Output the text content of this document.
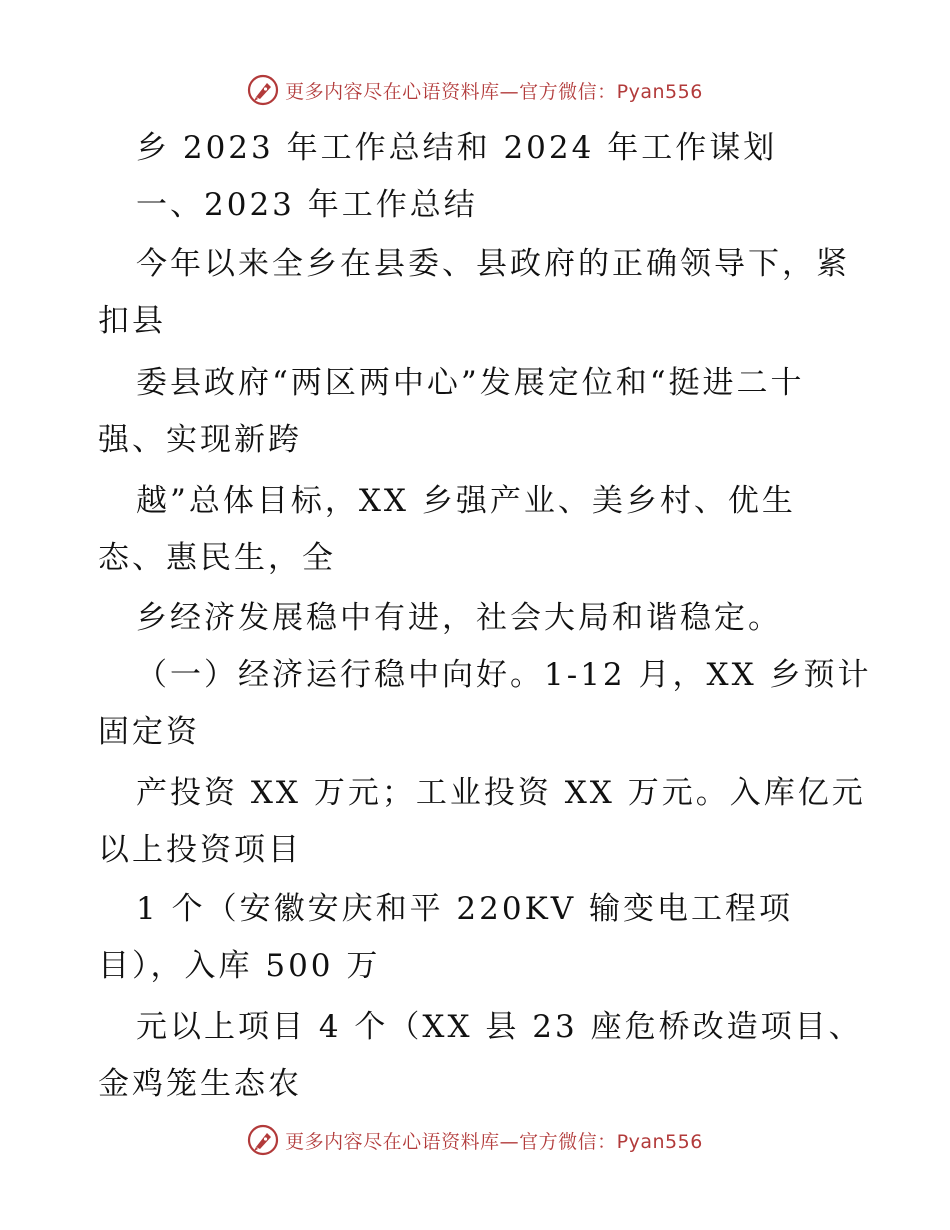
更多内容尽在心语资料库—官方微信：Pyan556
乡 2023 年工作总结和 2024 年工作谋划
一、2023 年工作总结
今年以来全乡在县委、县政府的正确领导下，紧
扣县
委县政府“两区两中心”发展定位和“挺进二十
强、实现新跨
越”总体目标，XX 乡强产业、美乡村、优生
态、惠民生，全
乡经济发展稳中有进，社会大局和谐稳定。
（一）经济运行稳中向好。1-12 月，XX 乡预计
固定资
产投资 XX 万元；工业投资 XX 万元。入库亿元
以上投资项目
1 个（安徽安庆和平 220KV 输变电工程项
目），入库 500 万
元以上项目 4 个（XX 县 23 座危桥改造项目、
金鸡笼生态农
更多内容尽在心语资料库—官方微信：Pyan556
